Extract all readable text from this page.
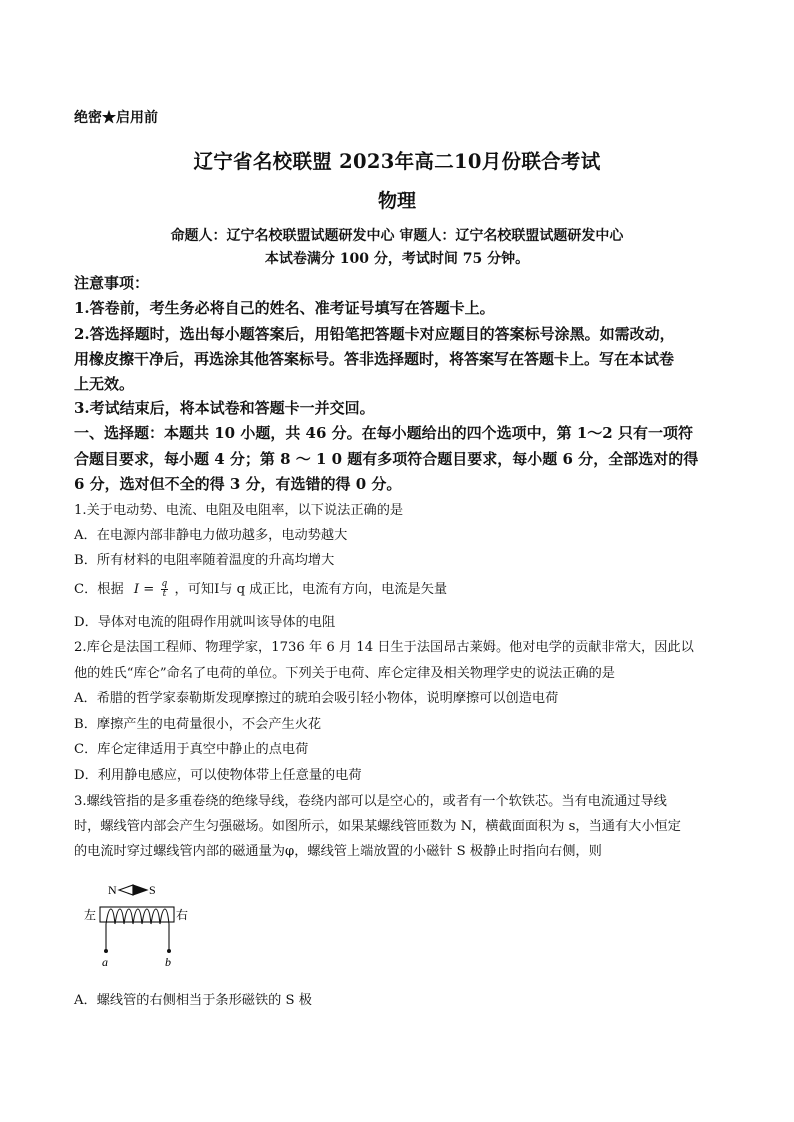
绝密★启用前
辽宁省名校联盟 2023年高二10月份联合考试
物理
命题人：辽宁名校联盟试题研发中心 审题人：辽宁名校联盟试题研发中心
本试卷满分 100 分，考试时间 75 分钟。
注意事项：
1.答卷前，考生务必将自己的姓名、准考证号填写在答题卡上。
2.答选择题时，选出每小题答案后，用铅笔把答题卡对应题目的答案标号涂黑。如需改动，
用橡皮擦干净后，再选涂其他答案标号。答非选择题时，将答案写在答题卡上。写在本试卷
上无效。
3.考试结束后，将本试卷和答题卡一并交回。
一、选择题：本题共 10 小题，共 46 分。在每小题给出的四个选项中，第 1～2 只有一项符
合题目要求，每小题 4 分；第 8 ～ 1 0 题有多项符合题目要求，每小题 6 分，全部选对的得
6 分，选对但不全的得 3 分，有选错的得 0 分。
1.关于电动势、电流、电阻及电阻率，以下说法正确的是
A．在电源内部非静电力做功越多，电动势越大
B．所有材料的电阻率随着温度的升高均增大
C．根据 $I = \frac{q}{t}$ ，可知I与 q 成正比，电流有方向，电流是矢量
D．导体对电流的阻碍作用就叫该导体的电阻
2.库仑是法国工程师、物理学家，1736 年 6 月 14 日生于法国昂古莱姆。他对电学的贡献非常大，因此以
他的姓氏“库仑”命名了电荷的单位。下列关于电荷、库仑定律及相关物理学史的说法正确的是
A．希腊的哲学家泰勒斯发现摩擦过的琥珀会吸引轻小物体，说明摩擦可以创造电荷
B．摩擦产生的电荷量很小，不会产生火花
C．库仑定律适用于真空中静止的点电荷
D．利用静电感应，可以使物体带上任意量的电荷
3.螺线管指的是多重卷绕的绝缘导线，卷绕内部可以是空心的，或者有一个软铁芯。当有电流通过导线
时，螺线管内部会产生匀强磁场。如图所示，如果某螺线管匝数为 N，横截面面积为 s，当通有大小恒定
的电流时穿过螺线管内部的磁通量为φ，螺线管上端放置的小磁针 S 极静止时指向右侧，则
N	S
左	右
a	b
A．螺线管的右侧相当于条形磁铁的 S 极
